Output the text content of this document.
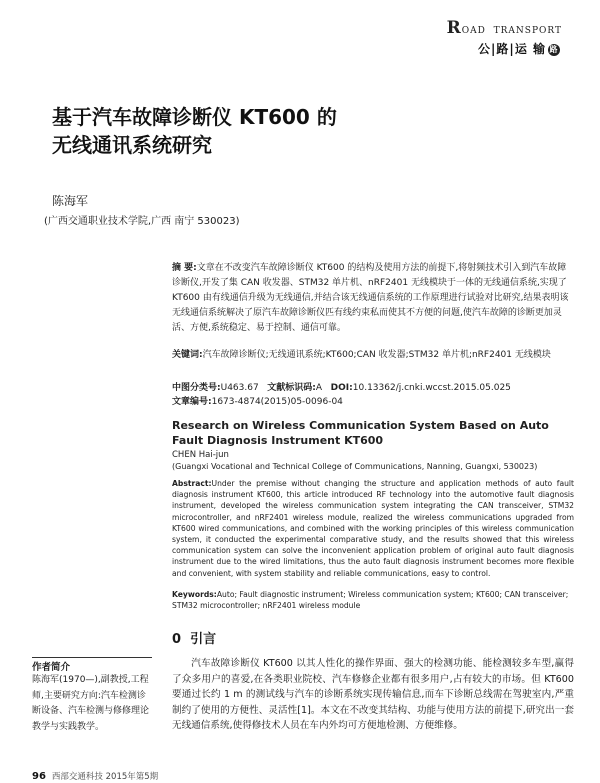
ROAD TRANSPORT
公|路|运 输 路
基于汽车故障诊断仪 KT600 的
无线通讯系统研究
陈海军
(广西交通职业技术学院,广西 南宁 530023)
摘 要:文章在不改变汽车故障诊断仪 KT600 的结构及使用方法的前提下,将射频技术引入到汽车故障诊断仪,开发了集 CAN 收发器、STM32 单片机、nRF2401 无线模块于一体的无线通信系统,实现了 KT600 由有线通信升级为无线通信,并结合该无线通信系统的工作原理进行试验对比研究,结果表明该无线通信系统解决了原汽车故障诊断仪匹有线约束私而使其不方便的问题,使汽车故障的诊断更加灵活、方便,系统稳定、易于控制、通信可靠。
关键词:汽车故障诊断仪;无线通讯系统;KT600;CAN 收发器;STM32 单片机;nRF2401 无线模块
中图分类号:U463.67 文献标识码:A DOI:10.13362/j.cnki.wccst.2015.05.025
文章编号:1673-4874(2015)05-0096-04
Research on Wireless Communication System Based on Auto Fault Diagnosis Instrument KT600
CHEN Hai-jun
(Guangxi Vocational and Technical College of Communications, Nanning, Guangxi, 530023)
Abstract:Under the premise without changing the structure and application methods of auto fault diagnosis instrument KT600, this article introduced RF technology into the automotive fault diagnosis instrument, developed the wireless communication system integrating the CAN transceiver, STM32 microcontroller, and nRF2401 wireless module, realized the wireless communications upgraded from KT600 wired communications, and combined with the working principles of this wireless communication system, it conducted the experimental comparative study, and the results showed that this wireless communication system can solve the inconvenient application problem of original auto fault diagnosis instrument due to the wired limitations, thus the auto fault diagnosis instrument becomes more flexible and convenient, with system stability and reliable communications, easy to control.
Keywords:Auto; Fault diagnostic instrument; Wireless communication system; KT600; CAN transceiver; STM32 microcontroller; nRF2401 wireless module
0 引言
汽车故障诊断仪 KT600 以其人性化的操作界面、强大的检测功能、能检测较多车型,赢得了众多用户的喜爱,在各类职业院校、汽车修修企业都有很多用户,占有较大的市场。但 KT600 要通过长约 1 m 的测试线与汽车的诊断系统实现传输信息,而车下诊断总线需在驾驶室内,严重制约了使用的方便性、灵活性[1]。本文在不改变其结构、功能与使用方法的前提下,研究出一套无线通信系统,使得修技术人员在车内外均可方便地检测、方便维修。
作者简介
陈海军(1970—),副教授,工程师,主要研究方向:汽车检测诊断设备、汽车检测与修修理论教学与实践教学。
96 西部交通科技 2015年第5期
